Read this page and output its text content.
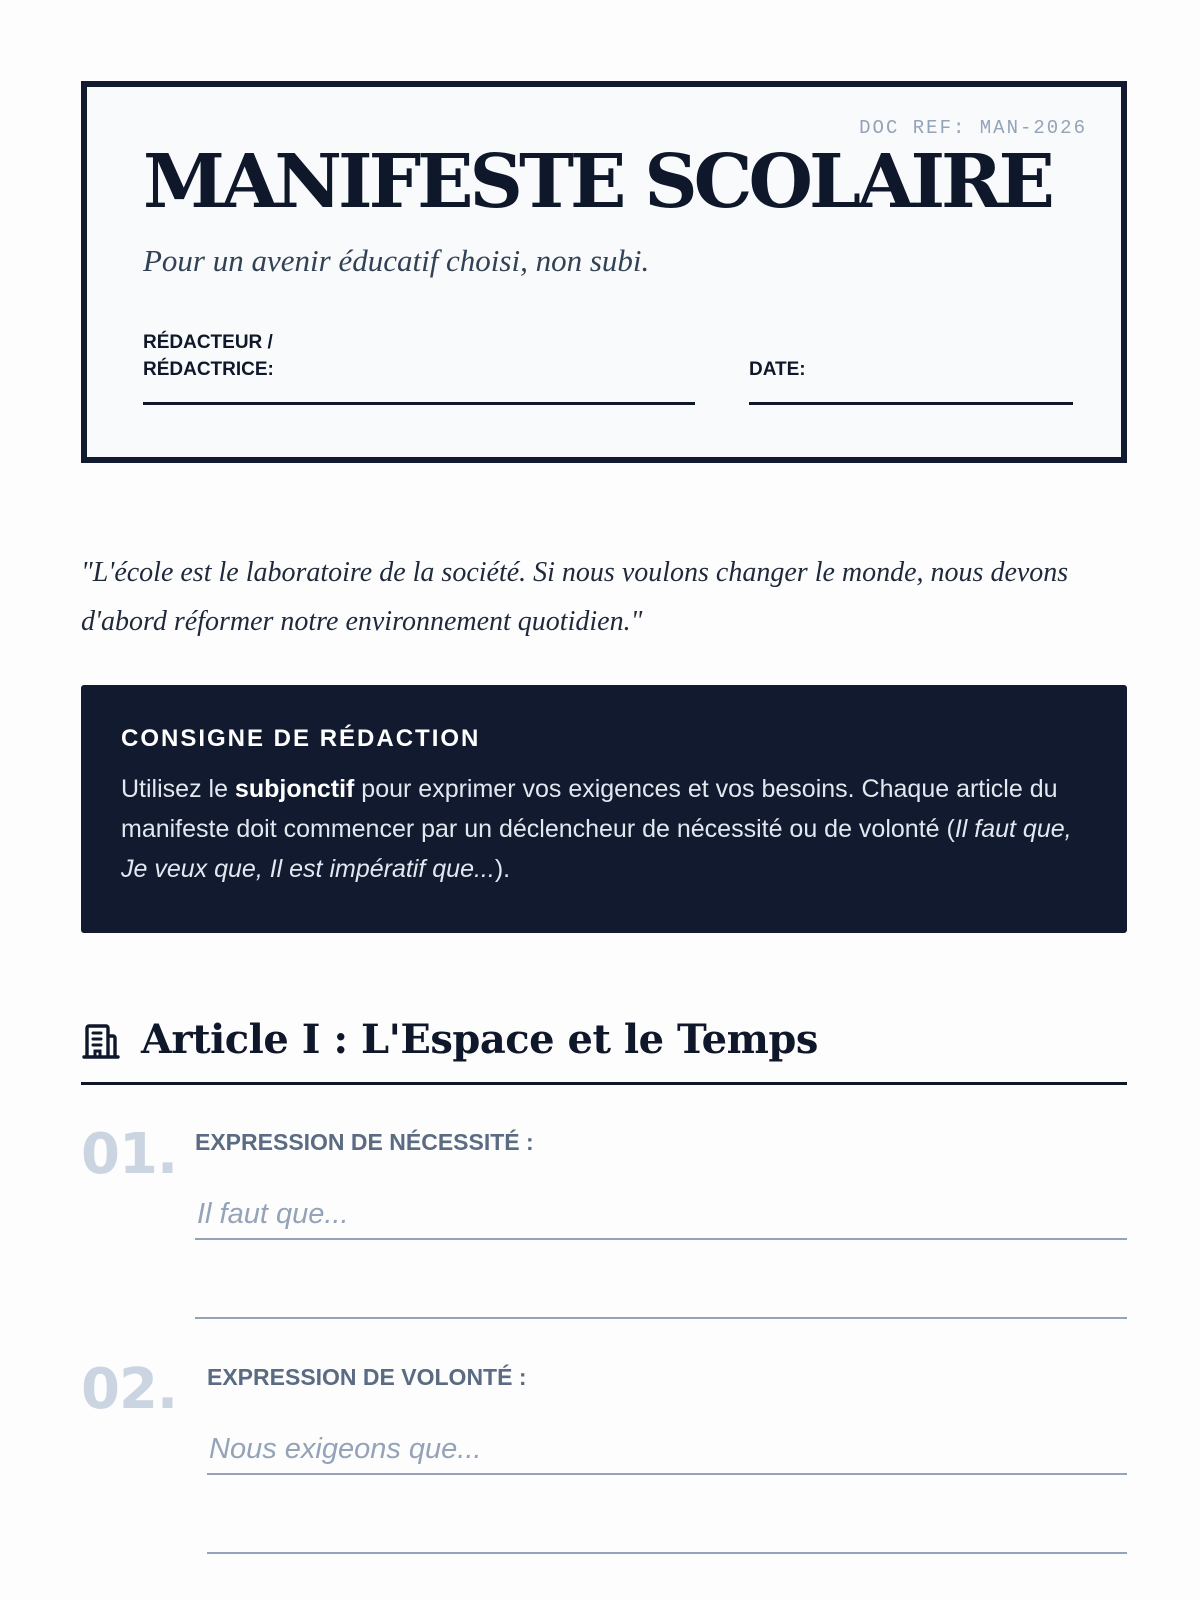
DOC REF: MAN-2026
MANIFESTE SCOLAIRE
Pour un avenir éducatif choisi, non subi.
RÉDACTEUR /
RÉDACTRICE:	DATE:
"L'école est le laboratoire de la société. Si nous voulons changer le monde, nous devons d'abord réformer notre environnement quotidien."
CONSIGNE DE RÉDACTION

Utilisez le subjonctif pour exprimer vos exigences et vos besoins. Chaque article du manifeste doit commencer par un déclencheur de nécessité ou de volonté (Il faut que, Je veux que, Il est impératif que...).

Article I : L'Espace et le Temps
01. EXPRESSION DE NÉCESSITÉ :
Il faut que...
02. EXPRESSION DE VOLONTÉ :
Nous exigeons que...
